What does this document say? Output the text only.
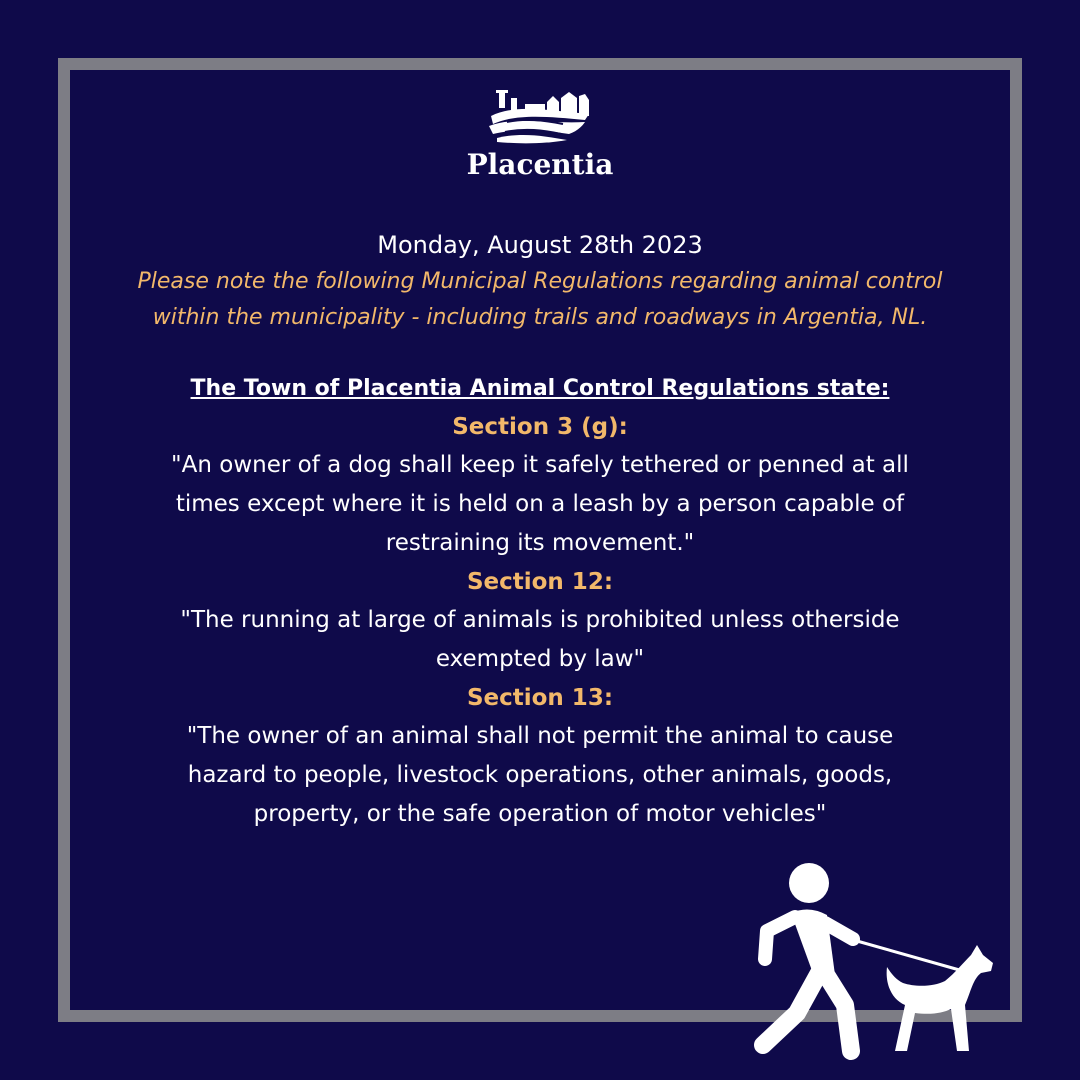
Placentia
Monday, August 28th 2023
Please note the following Municipal Regulations regarding animal control
within the municipality - including trails and roadways in Argentia, NL.
The Town of Placentia Animal Control Regulations state:
Section 3 (g):
"An owner of a dog shall keep it safely tethered or penned at all
times except where it is held on a leash by a person capable of
restraining its movement."
Section 12:
"The running at large of animals is prohibited unless otherside
exempted by law"
Section 13:
"The owner of an animal shall not permit the animal to cause
hazard to people, livestock operations, other animals, goods,
property, or the safe operation of motor vehicles"
